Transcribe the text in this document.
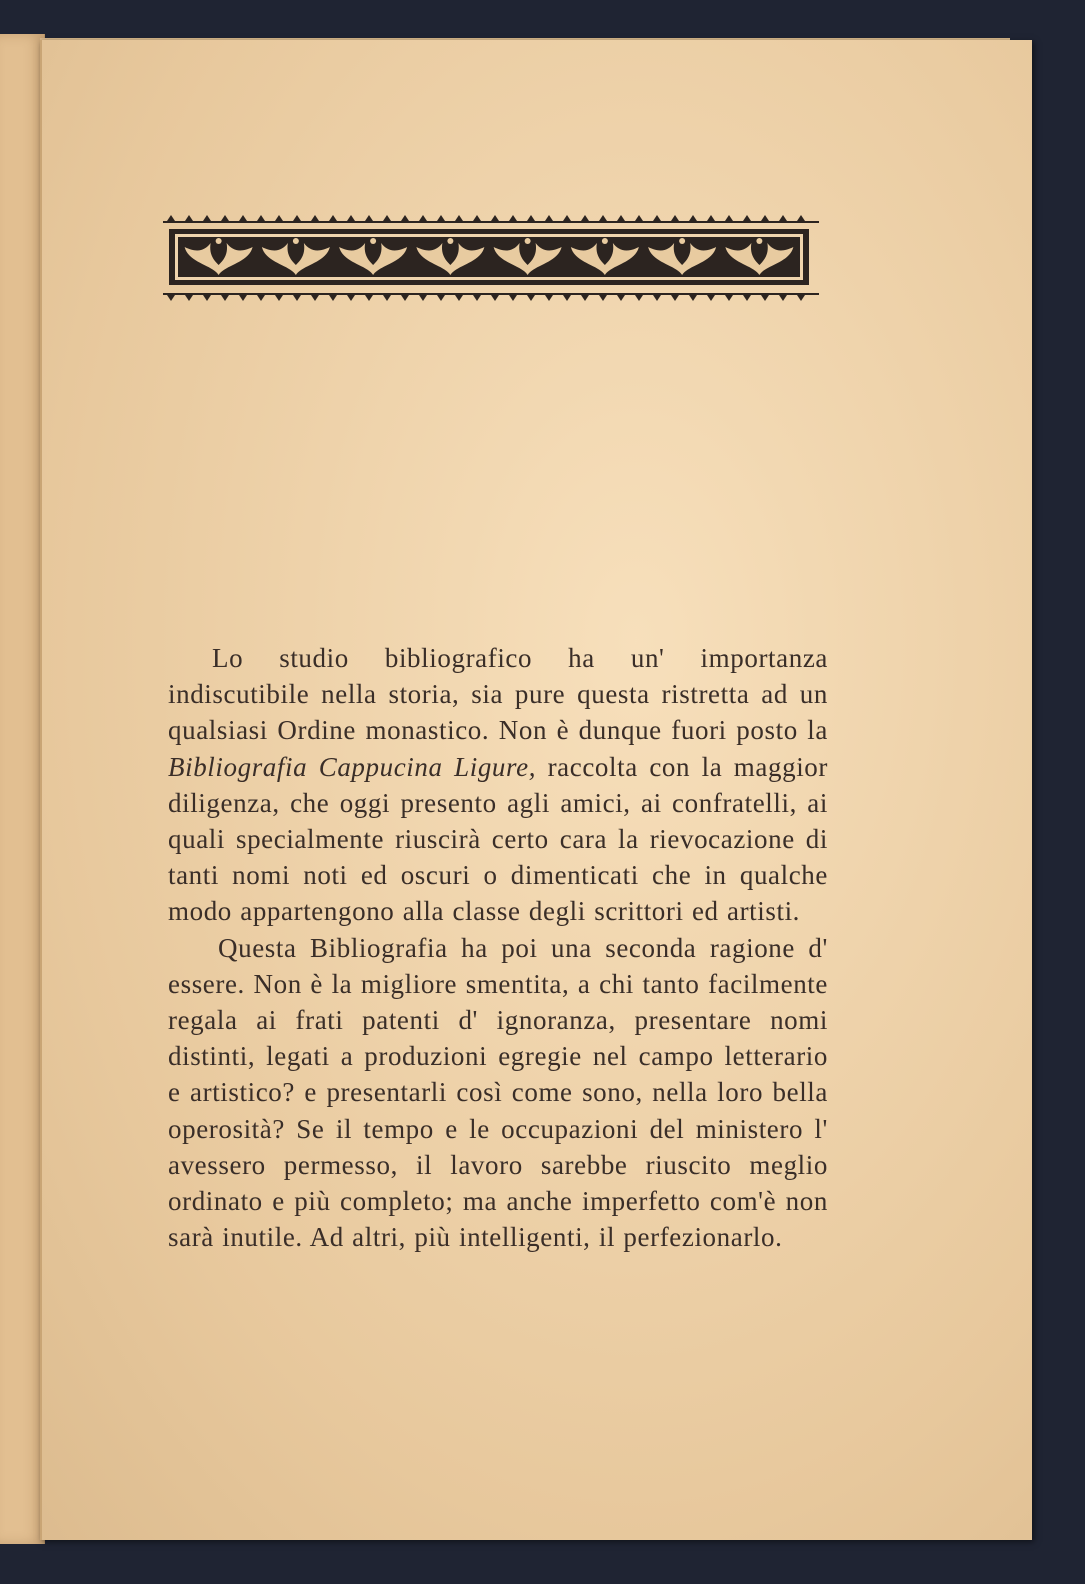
Lo studio bibliografico ha un' importanza indiscutibile nella storia, sia pure questa ristretta ad un qualsiasi Ordine monastico. Non è dunque fuori posto la Bibliografia Cappucina Ligure, raccolta con la maggior diligenza, che oggi presento agli amici, ai confratelli, ai quali specialmente riuscirà certo cara la rievocazione di tanti nomi noti ed oscuri o dimenticati che in qualche modo appartengono alla classe degli scrittori ed artisti.

Questa Bibliografia ha poi una seconda ragione d' essere. Non è la migliore smentita, a chi tanto facilmente regala ai frati patenti d' ignoranza, presentare nomi distinti, legati a produzioni egregie nel campo letterario e artistico? e presentarli così come sono, nella loro bella operosità? Se il tempo e le occupazioni del ministero l' avessero permesso, il lavoro sarebbe riuscito meglio ordinato e più completo; ma anche imperfetto com'è non sarà inutile. Ad altri, più intelligenti, il perfezionarlo.
